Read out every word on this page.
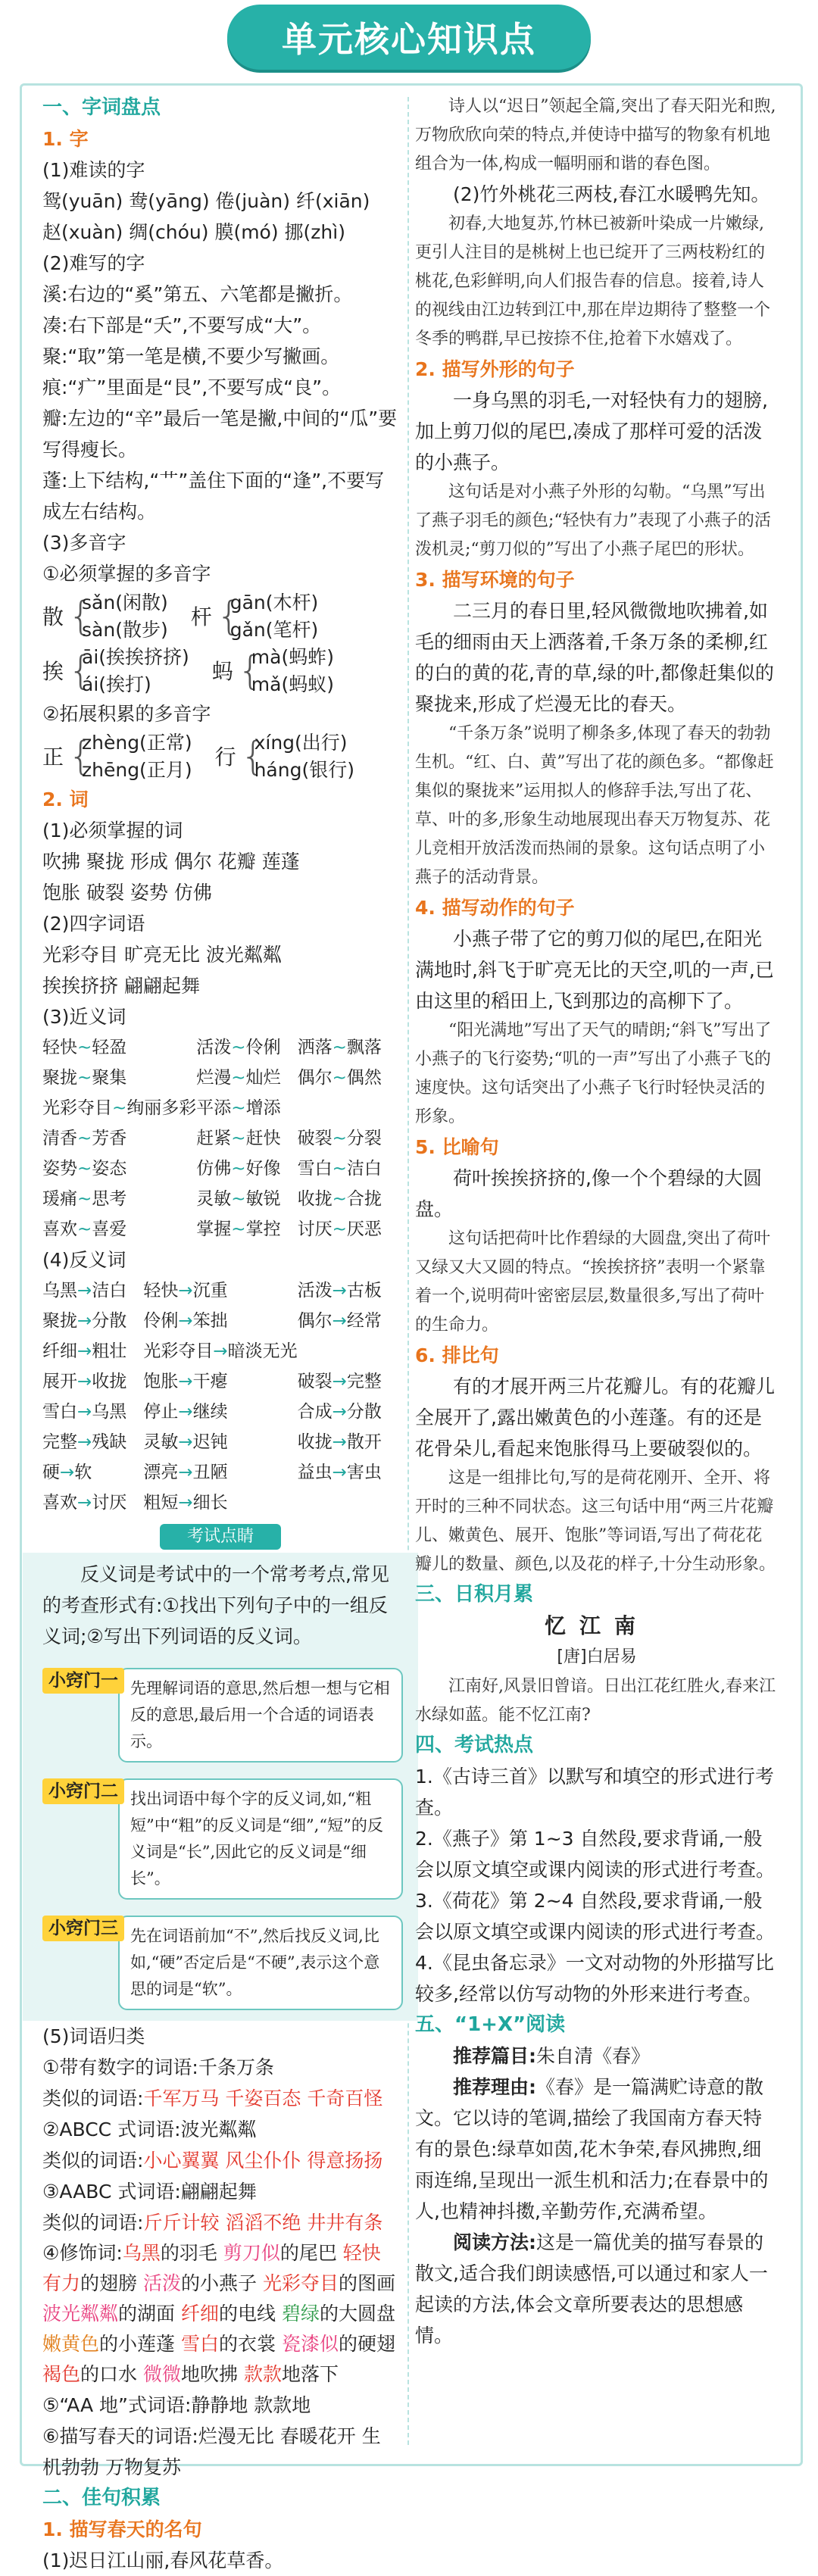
单元核心知识点

一、字词盘点

1. 字

(1)难读的字

鸳(yuān) 鸯(yāng) 倦(juàn) 纤(xiān)

赵(xuàn) 绸(chóu) 膜(mó) 挪(zhì)

(2)难写的字

溪:右边的“奚”第五、六笔都是撇折。

凑:右下部是“夭”,不要写成“大”。

聚:“取”第一笔是横,不要少写撇画。

痕:“疒”里面是“艮”,不要写成“良”。

瓣:左边的“辛”最后一笔是撇,中间的“瓜”要写得瘦长。

蓬:上下结构,“艹”盖住下面的“逢”,不要写成左右结构。

(3)多音字

①必须掌握的多音字

散 {
sǎn(闲散)
sàn(散步)
杆 {
gān(木杆)
gǎn(笔杆)
挨 {
āi(挨挨挤挤)
ái(挨打)
蚂 {
mà(蚂蚱)
mǎ(蚂蚁)

②拓展积累的多音字

正 {
zhèng(正常)
zhēng(正月)
行 {
xíng(出行)
háng(银行)

2. 词

(1)必须掌握的词

吹拂 聚拢 形成 偶尔 花瓣 莲蓬

饱胀 破裂 姿势 仿佛

(2)四字词语

光彩夺目 旷亮无比 波光粼粼

挨挨挤挤 翩翩起舞

(3)近义词

轻快~轻盈	活泼~伶俐 洒落~飘落
聚拢~聚集	烂漫~灿烂 偶尔~偶然
光彩夺目~绚丽多彩 平添~增添
清香~芳香	赶紧~赶快 破裂~分裂
姿势~姿态	仿佛~好像 雪白~洁白
瑗痛~思考	灵敏~敏锐 收拢~合拢
喜欢~喜爱	掌握~掌控 讨厌~厌恶

(4)反义词

乌黑→洁白 轻快→沉重	活泼→古板
聚拢→分散 伶俐→笨拙	偶尔→经常
纤细→粗壮 光彩夺目→暗淡无光
展开→收拢 饱胀→干瘪	破裂→完整
雪白→乌黑 停止→继续	合成→分散
完整→残缺 灵敏→迟钝	收拢→散开
硬→软	漂亮→丑陋	益虫→害虫
喜欢→讨厌 粗短→细长
考试点睛

反义词是考试中的一个常考考点,常见的考查形式有:①找出下列句子中的一组反义词;②写出下列词语的反义词。

小窍门一 先理解词语的意思,然后想一想与它相反的意思,最后用一个合适的词语表示。
小窍门二 找出词语中每个字的反义词,如,“粗短”中“粗”的反义词是“细”,“短”的反义词是“长”,因此它的反义词是“细长”。
小窍门三 先在词语前加“不”,然后找反义词,比如,“硬”否定后是“不硬”,表示这个意思的词是“软”。

(5)词语归类

①带有数字的词语:千条万条

类似的词语:千军万马 千姿百态 千奇百怪

②ABCC 式词语:波光粼粼

类似的词语:小心翼翼 风尘仆仆 得意扬扬

③AABC 式词语:翩翩起舞

类似的词语:斤斤计较 滔滔不绝 井井有条

④修饰词:乌黑的羽毛 剪刀似的尾巴 轻快有力的翅膀 活泼的小燕子 光彩夺目的图画波光粼粼的湖面 纤细的电线 碧绿的大圆盘嫩黄色的小莲蓬 雪白的衣裳 瓷漆似的硬翅褐色的口水 微微地吹拂 款款地落下

⑤“AA 地”式词语:静静地 款款地

⑥描写春天的词语:烂漫无比 春暖花开 生机勃勃 万物复苏

二、佳句积累

1. 描写春天的名句

(1)迟日江山丽,春风花草香。

诗人以“迟日”领起全篇,突出了春天阳光和煦,万物欣欣向荣的特点,并使诗中描写的物象有机地组合为一体,构成一幅明丽和谐的春色图。

(2)竹外桃花三两枝,春江水暖鸭先知。

初春,大地复苏,竹林已被新叶染成一片嫩绿,更引人注目的是桃树上也已绽开了三两枝粉红的桃花,色彩鲜明,向人们报告春的信息。接着,诗人的视线由江边转到江中,那在岸边期待了整整一个冬季的鸭群,早已按捺不住,抢着下水嬉戏了。

2. 描写外形的句子

一身乌黑的羽毛,一对轻快有力的翅膀,加上剪刀似的尾巴,凑成了那样可爱的活泼的小燕子。

这句话是对小燕子外形的勾勒。“乌黑”写出了燕子羽毛的颜色;“轻快有力”表现了小燕子的活泼机灵;“剪刀似的”写出了小燕子尾巴的形状。

3. 描写环境的句子

二三月的春日里,轻风微微地吹拂着,如毛的细雨由天上洒落着,千条万条的柔柳,红的白的黄的花,青的草,绿的叶,都像赶集似的聚拢来,形成了烂漫无比的春天。

“千条万条”说明了柳条多,体现了春天的勃勃生机。“红、白、黄”写出了花的颜色多。“都像赶集似的聚拢来”运用拟人的修辞手法,写出了花、草、叶的多,形象生动地展现出春天万物复苏、花儿竞相开放活泼而热闹的景象。这句话点明了小燕子的活动背景。

4. 描写动作的句子

小燕子带了它的剪刀似的尾巴,在阳光满地时,斜飞于旷亮无比的天空,叽的一声,已由这里的稻田上,飞到那边的高柳下了。

“阳光满地”写出了天气的晴朗;“斜飞”写出了小燕子的飞行姿势;“叽的一声”写出了小燕子飞的速度快。这句话突出了小燕子飞行时轻快灵活的形象。

5. 比喻句

荷叶挨挨挤挤的,像一个个碧绿的大圆盘。

这句话把荷叶比作碧绿的大圆盘,突出了荷叶又绿又大又圆的特点。“挨挨挤挤”表明一个紧靠着一个,说明荷叶密密层层,数量很多,写出了荷叶的生命力。

6. 排比句

有的才展开两三片花瓣儿。有的花瓣儿全展开了,露出嫩黄色的小莲蓬。有的还是花骨朵儿,看起来饱胀得马上要破裂似的。

这是一组排比句,写的是荷花刚开、全开、将开时的三种不同状态。这三句话中用“两三片花瓣儿、嫩黄色、展开、饱胀”等词语,写出了荷花花瓣儿的数量、颜色,以及花的样子,十分生动形象。

三、日积月累

忆江南

[唐]白居易

江南好,风景旧曾谙。日出江花红胜火,春来江水绿如蓝。能不忆江南?

四、考试热点

1.《古诗三首》以默写和填空的形式进行考查。

2.《燕子》第 1~3 自然段,要求背诵,一般会以原文填空或课内阅读的形式进行考查。

3.《荷花》第 2~4 自然段,要求背诵,一般会以原文填空或课内阅读的形式进行考查。

4.《昆虫备忘录》一文对动物的外形描写比较多,经常以仿写动物的外形来进行考查。

五、“1+X”阅读

推荐篇目:朱自清《春》

推荐理由:《春》是一篇满贮诗意的散文。它以诗的笔调,描绘了我国南方春天特有的景色:绿草如茵,花木争荣,春风拂煦,细雨连绵,呈现出一派生机和活力;在春景中的人,也精神抖擞,辛勤劳作,充满希望。

阅读方法:这是一篇优美的描写春景的散文,适合我们朗读感悟,可以通过和家人一起读的方法,体会文章所要表达的思想感情。
